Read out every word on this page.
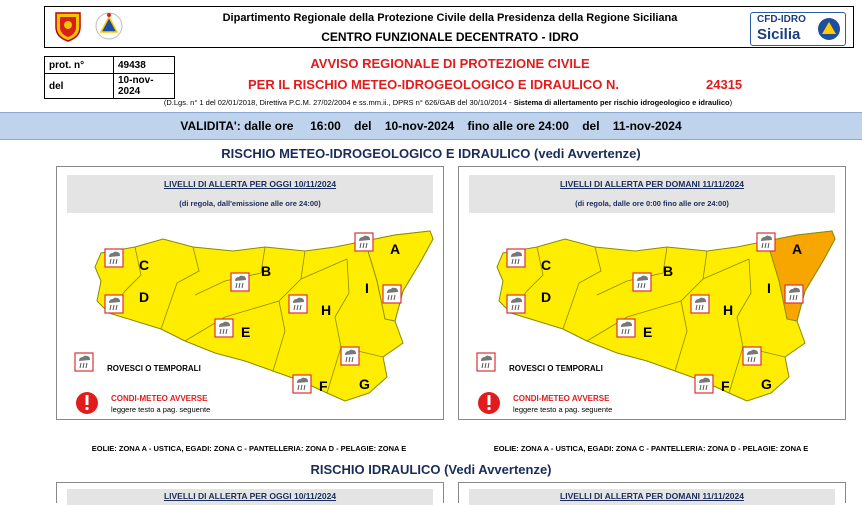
Dipartimento Regionale della Protezione Civile della Presidenza della Regione Siciliana
CENTRO FUNZIONALE DECENTRATO - IDRO
CFD-IDRO
Sicilia
prot. n°	49438
del	10-nov-2024
AVVISO REGIONALE DI PROTEZIONE CIVILE
PER IL RISCHIO METEO-IDROGEOLOGICO E IDRAULICO N.	24315
(D.Lgs. n° 1 del 02/01/2018, Direttiva P.C.M. 27/02/2004 e ss.mm.ii., DPRS n° 626/GAB del 30/10/2014 - Sistema di allertamento per rischio idrogeologico e idraulico)
VALIDITA': dalle ore     16:00    del    10-nov-2024    fino alle ore 24:00    del    11-nov-2024
RISCHIO METEO-IDROGEOLOGICO E IDRAULICO (vedi Avvertenze)
LIVELLI DI ALLERTA PER OGGI 10/11/2024
(di regola, dall'emissione alle ore 24:00)
A
B
C
D
E
F G
H
I
ROVESCI O TEMPORALI
CONDI-METEO AVVERSE
leggere testo a pag. seguente
LIVELLI DI ALLERTA PER DOMANI 11/11/2024
(di regola, dalle ore 0:00 fino alle ore 24:00)
A
B
C
D
E
F G
H
I
ROVESCI O TEMPORALI
CONDI-METEO AVVERSE
leggere testo a pag. seguente
EOLIE: ZONA A - USTICA, EGADI: ZONA C - PANTELLERIA: ZONA D - PELAGIE: ZONA E	EOLIE: ZONA A - USTICA, EGADI: ZONA C - PANTELLERIA: ZONA D - PELAGIE: ZONA E
RISCHIO IDRAULICO (Vedi Avvertenze)
LIVELLI DI ALLERTA PER OGGI 10/11/2024	LIVELLI DI ALLERTA PER DOMANI 11/11/2024
